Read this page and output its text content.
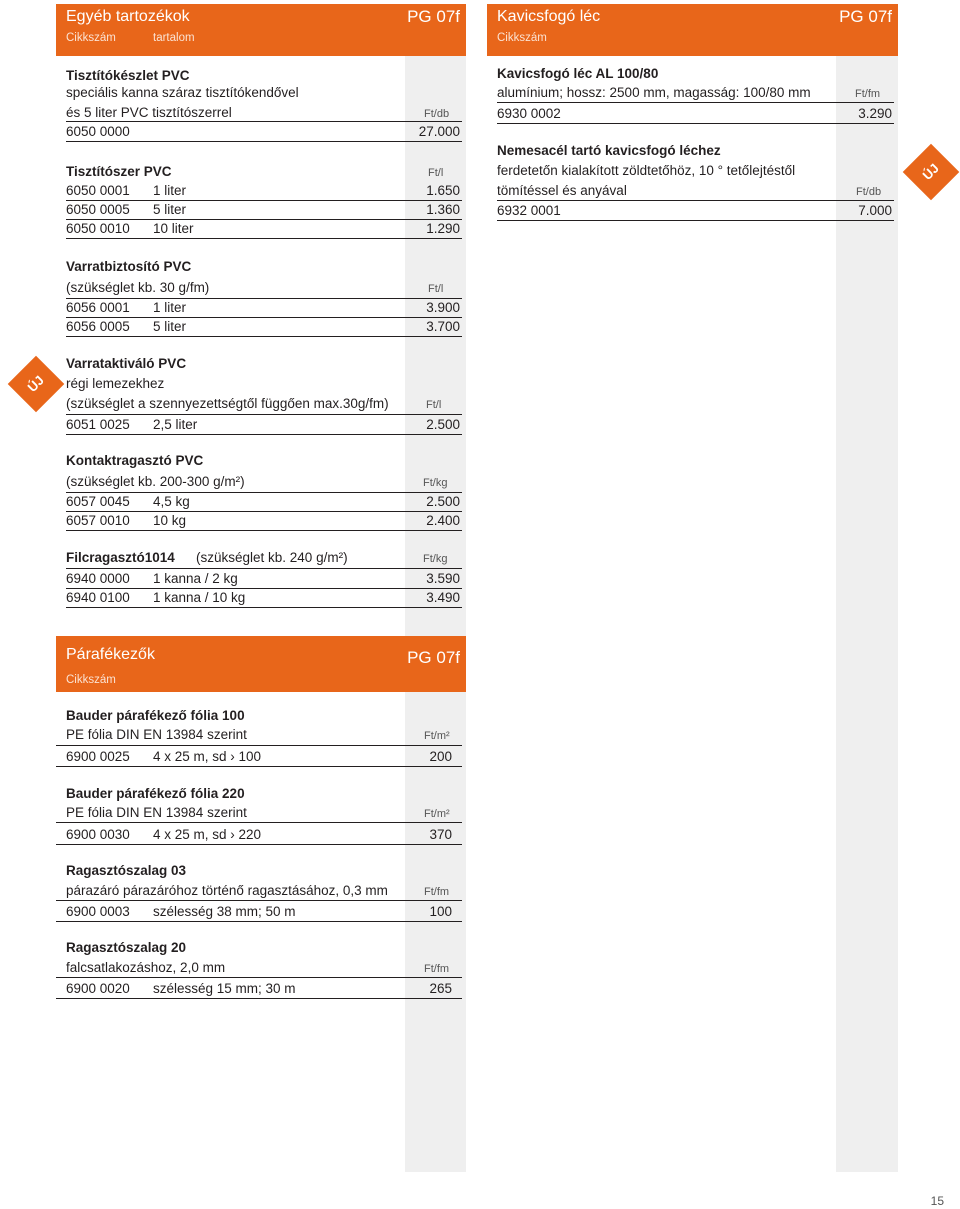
Egyéb tartozékok	PG 07f
Cikkszám	tartalom
Tisztítókészlet PVC
speciális kanna száraz tisztítókendővel
és 5 liter PVC tisztítószerrel	Ft/db
6050 0000	27.000
Tisztítószer PVC	Ft/l
6050 0001 1 liter	1.650
6050 0005 5 liter	1.360
6050 0010 10 liter	1.290
Varratbiztosító PVC
(szükséglet kb. 30 g/fm)	Ft/l
6056 0001 1 liter	3.900
6056 0005 5 liter	3.700
ÚJ
Varrataktiváló PVC
régi lemezekhez
(szükséglet a szennyezettségtől függően max.30g/fm)	Ft/l
6051 0025 2,5 liter	2.500
Kontaktragasztó PVC
(szükséglet kb. 200-300 g/m²)	Ft/kg
6057 0045 4,5 kg	2.500
6057 0010 10 kg	2.400
Filcragasztó1014 (szükséglet kb. 240 g/m²)	Ft/kg
6940 0000 1 kanna / 2 kg	3.590
6940 0100 1 kanna / 10 kg	3.490
Kavicsfogó léc	PG 07f
Cikkszám
Kavicsfogó léc AL 100/80
alumínium; hossz: 2500 mm, magasság: 100/80 mm	Ft/fm
6930 0002	3.290
Nemesacél tartó kavicsfogó léchez
ferdetetőn kialakított zöldtetőhöz, 10 ° tetőlejtéstől
tömítéssel és anyával	Ft/db
6932 0001	7.000
ÚJ
Párafékezők	PG 07f
Cikkszám
Bauder párafékező fólia 100
PE fólia DIN EN 13984 szerint	Ft/m²
6900 0025 4 x 25 m, sd › 100	200
Bauder párafékező fólia 220
PE fólia DIN EN 13984 szerint	Ft/m²
6900 0030 4 x 25 m, sd › 220	370
Ragasztószalag 03
párazáró párazáróhoz történő ragasztásához, 0,3 mm	Ft/fm
6900 0003 szélesség 38 mm; 50 m	100
Ragasztószalag 20
falcsatlakozáshoz, 2,0 mm	Ft/fm
6900 0020 szélesség 15 mm; 30 m	265
15
